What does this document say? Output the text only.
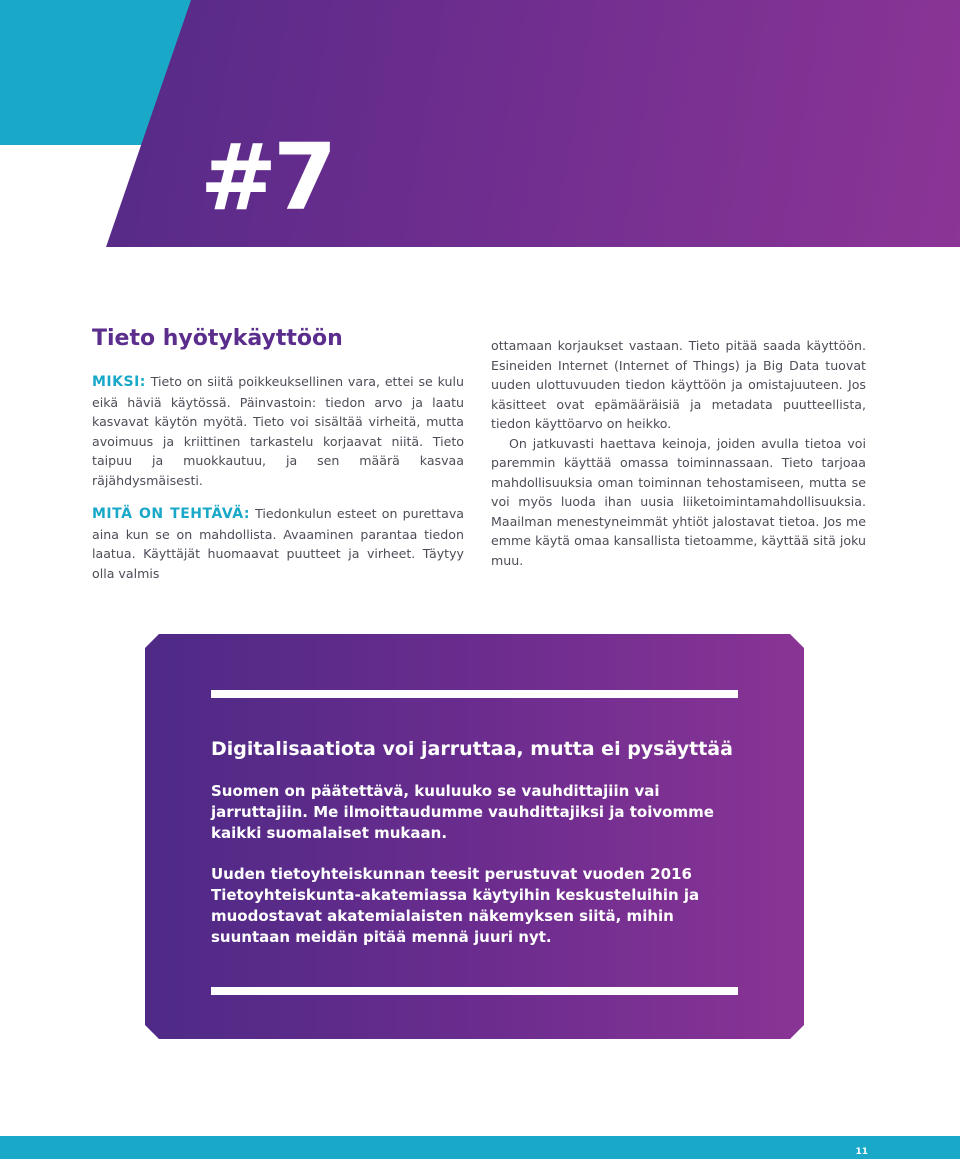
#7
Tieto hyötykäyttöön

MIKSI: Tieto on siitä poikkeuksellinen vara, ettei se kulu eikä häviä käytössä. Päinvastoin: tiedon arvo ja laatu kasvavat käytön myötä. Tieto voi sisältää virheitä, mutta avoimuus ja kriittinen tarkastelu korjaavat niitä. Tieto taipuu ja muokkautuu, ja sen määrä kasvaa räjähdysmäisesti.

MITÄ ON TEHTÄVÄ: Tiedonkulun esteet on purettava aina kun se on mahdollista. Avaaminen parantaa tiedon laatua. Käyttäjät huomaavat puutteet ja virheet. Täytyy olla valmis

ottamaan korjaukset vastaan. Tieto pitää saada käyttöön. Esineiden Internet (Internet of Things) ja Big Data tuovat uuden ulottuvuuden tiedon käyttöön ja omistajuuteen. Jos käsitteet ovat epämääräisiä ja metadata puutteellista, tiedon käyttöarvo on heikko.

On jatkuvasti haettava keinoja, joiden avulla tietoa voi paremmin käyttää omassa toiminnassaan. Tieto tarjoaa mahdollisuuksia oman toiminnan tehostamiseen, mutta se voi myös luoda ihan uusia liiketoimintamahdollisuuksia. Maailman menestyneimmät yhtiöt jalostavat tietoa. Jos me emme käytä omaa kansallista tietoamme, käyttää sitä joku muu.

Digitalisaatiota voi jarruttaa, mutta ei pysäyttää

Suomen on päätettävä, kuuluuko se vauhdittajiin vai jarruttajiin. Me ilmoittaudumme vauhdittajiksi ja toivomme kaikki suomalaiset mukaan.

Uuden tietoyhteiskunnan teesit perustuvat vuoden 2016 Tietoyhteiskunta-akatemiassa käytyihin keskusteluihin ja muodostavat akatemialaisten näkemyksen siitä, mihin suuntaan meidän pitää mennä juuri nyt.

11
